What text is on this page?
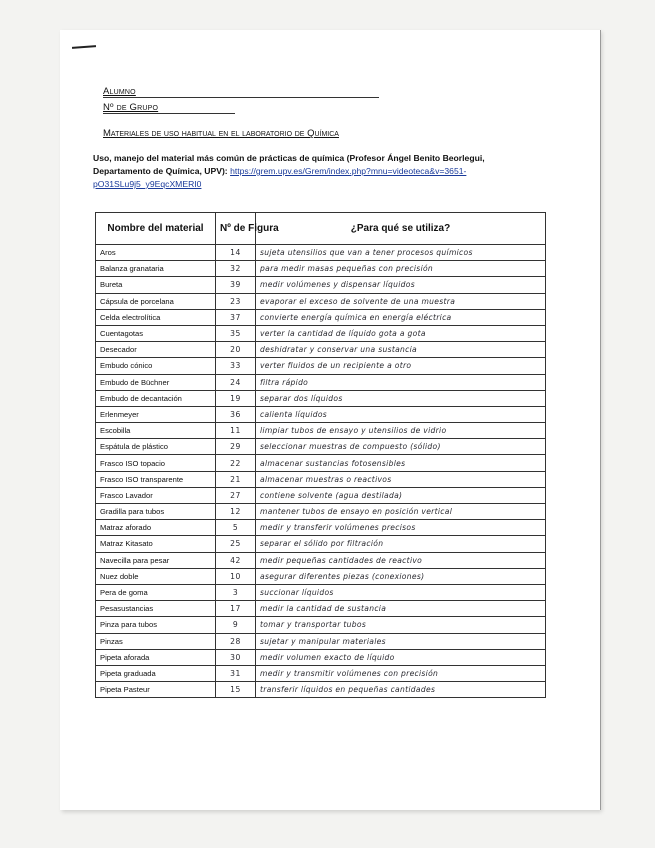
Alumno
Nº de Grupo
Materiales de uso habitual en el laboratorio de Química
Uso, manejo del material más común de prácticas de química (Profesor Ángel Benito Beorlegui, Departamento de Química, UPV): https://grem.upv.es/Grem/index.php?mnu=videoteca&v=3651-pO31SLu9j5_y9EqcXMERI0
Nombre del material	Nº de Figura	¿Para qué se utiliza?
Aros	14	sujeta utensilios que van a tener procesos químicos
Balanza granataria	32	para medir masas pequeñas con precisión
Bureta	39	medir volúmenes y dispensar líquidos
Cápsula de porcelana	23	evaporar el exceso de solvente de una muestra
Celda electrolítica	37	convierte energía química en energía eléctrica
Cuentagotas	35	verter la cantidad de líquido gota a gota
Desecador	20	deshidratar y conservar una sustancia
Embudo cónico	33	verter fluidos de un recipiente a otro
Embudo de Büchner	24	filtra rápido
Embudo de decantación	19	separar dos líquidos
Erlenmeyer	36	calienta líquidos
Escobilla	11	limpiar tubos de ensayo y utensilios de vidrio
Espátula de plástico	29	seleccionar muestras de compuesto (sólido)
Frasco ISO topacio	22	almacenar sustancias fotosensibles
Frasco ISO transparente	21	almacenar muestras o reactivos
Frasco Lavador	27	contiene solvente (agua destilada)
Gradilla para tubos	12	mantener tubos de ensayo en posición vertical
Matraz aforado	5	medir y transferir volúmenes precisos
Matraz Kitasato	25	separar el sólido por filtración
Navecilla para pesar	42	medir pequeñas cantidades de reactivo
Nuez doble	10	asegurar diferentes piezas (conexiones)
Pera de goma	3	succionar líquidos
Pesasustancias	17	medir la cantidad de sustancia
Pinza para tubos	9	tomar y transportar tubos
Pinzas	28	sujetar y manipular materiales
Pipeta aforada	30	medir volumen exacto de líquido
Pipeta graduada	31	medir y transmitir volúmenes con precisión
Pipeta Pasteur	15	transferir líquidos en pequeñas cantidades
